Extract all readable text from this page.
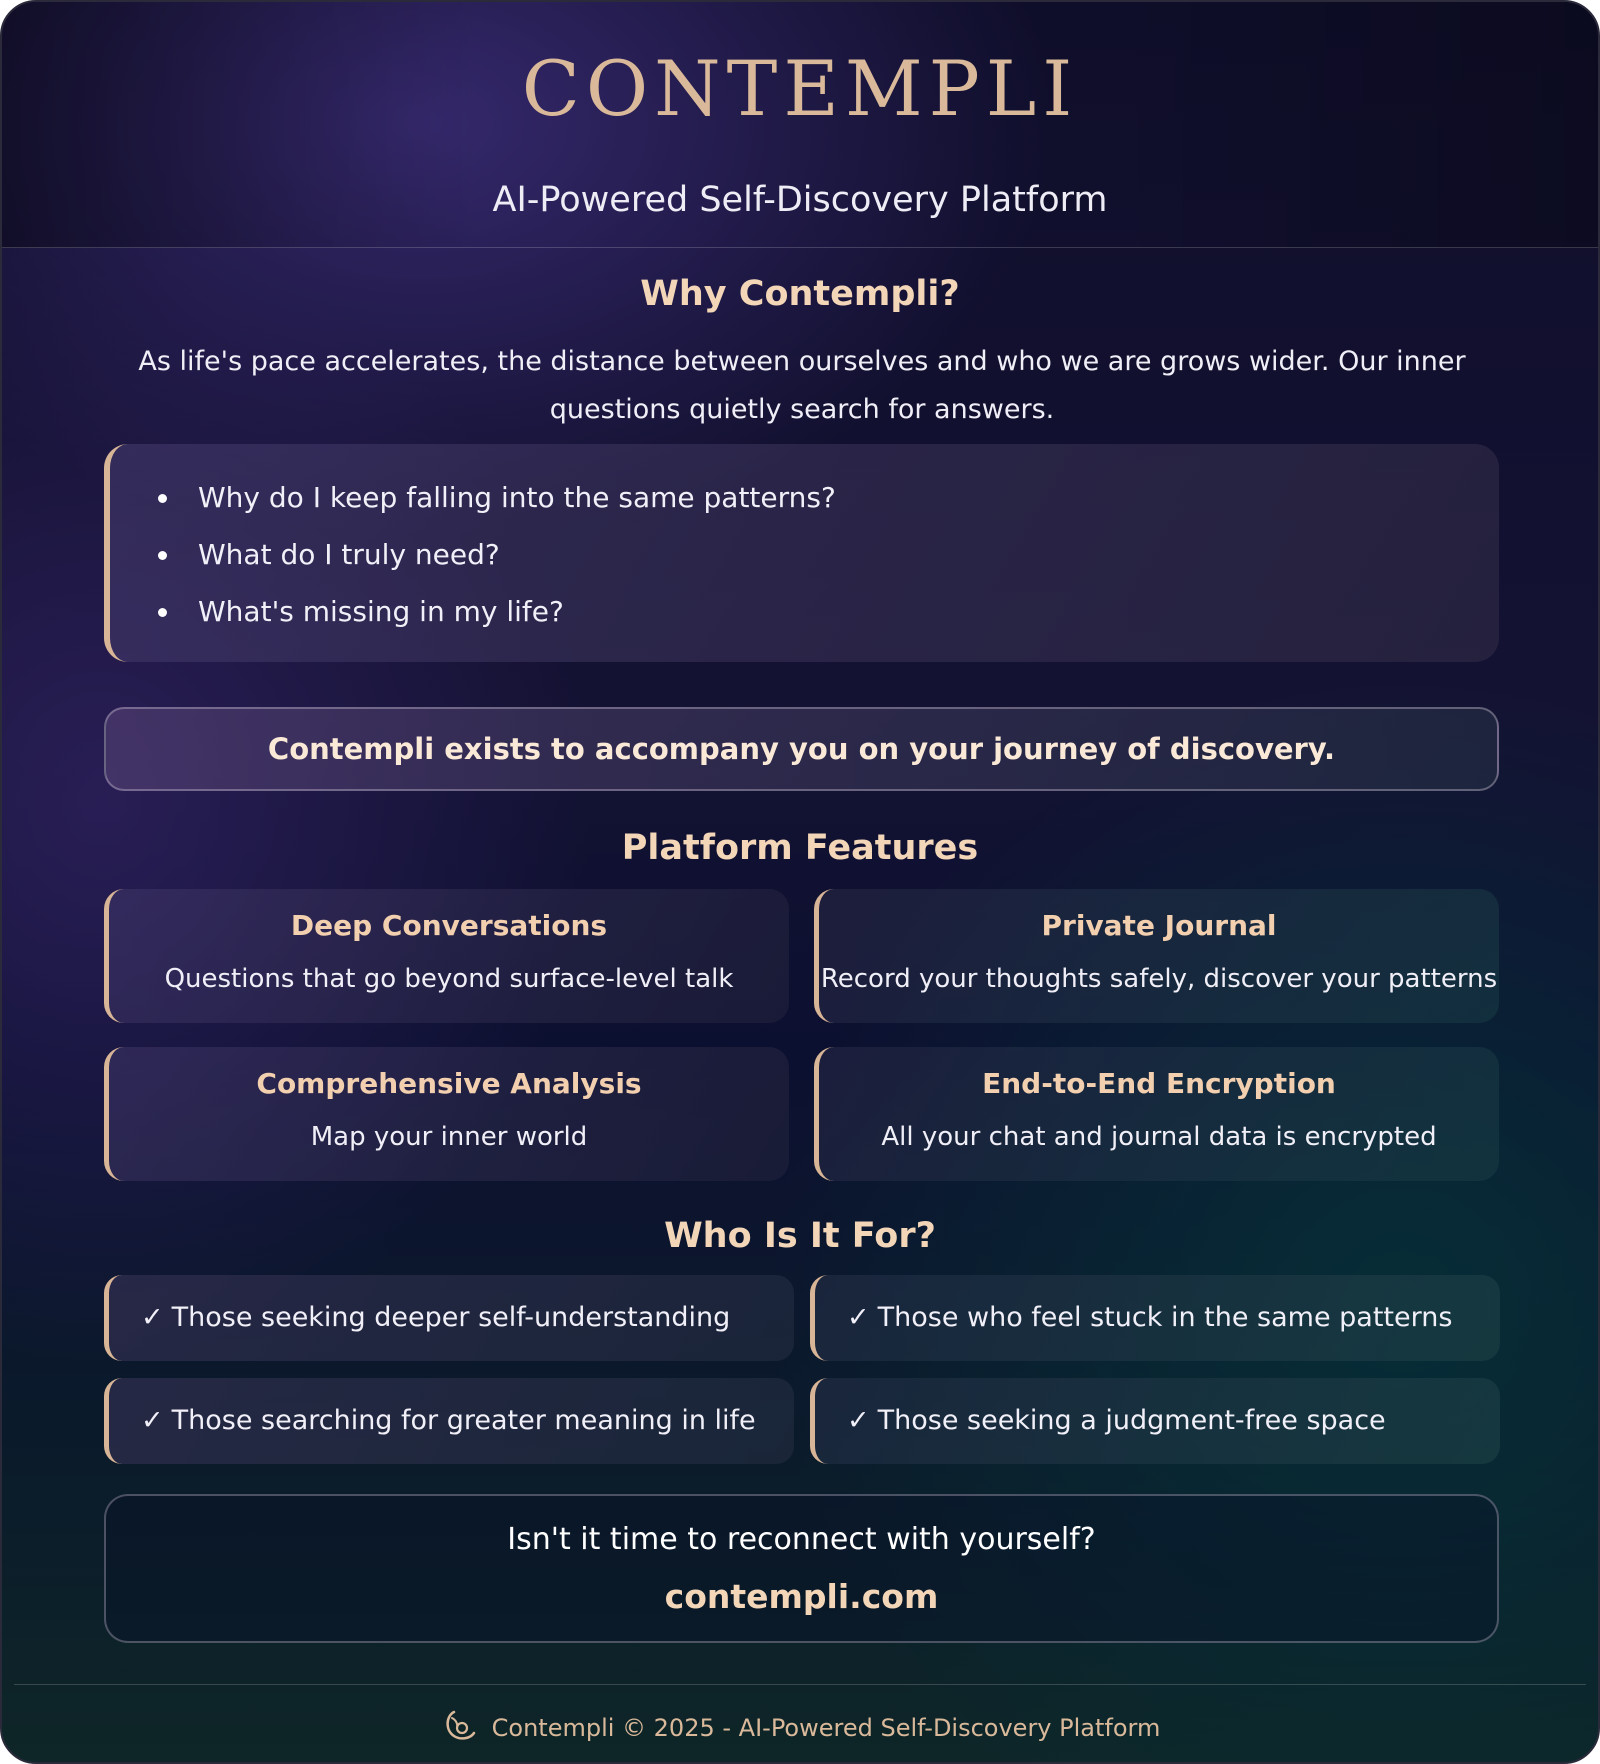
CONTEMPLI
AI-Powered Self-Discovery Platform
Why Contempli?
As life's pace accelerates, the distance between ourselves and who we are grows wider. Our inner questions quietly search for answers.
Why do I keep falling into the same patterns?
What do I truly need?
What's missing in my life?
Contempli exists to accompany you on your journey of discovery.
Platform Features
Deep Conversations
Questions that go beyond surface-level talk
Private Journal
Record your thoughts safely, discover your patterns
Comprehensive Analysis
Map your inner world
End-to-End Encryption
All your chat and journal data is encrypted
Who Is It For?
✓ Those seeking deeper self-understanding	✓ Those who feel stuck in the same patterns
✓ Those searching for greater meaning in life	✓ Those seeking a judgment-free space
Isn't it time to reconnect with yourself?
contempli.com
Contempli © 2025 - AI-Powered Self-Discovery Platform
